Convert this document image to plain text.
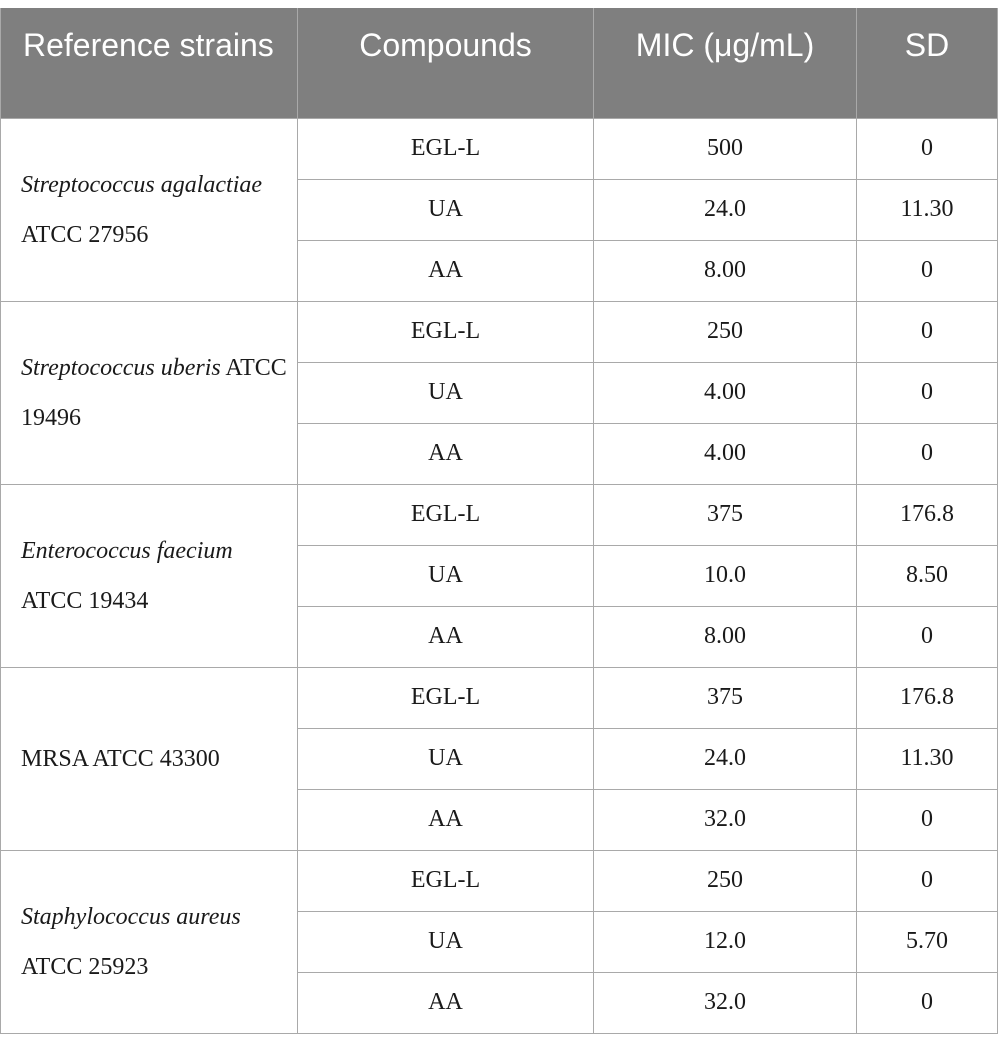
Reference strains	Compounds	MIC (μg/mL)	SD
Streptococcus agalactiae ATCC 27956	EGL-L	500	0
	UA	24.0	11.30
	AA	8.00	0
Streptococcus uberis ATCC 19496	EGL-L	250	0
	UA	4.00	0
	AA	4.00	0
Enterococcus faecium ATCC 19434	EGL-L	375	176.8
	UA	10.0	8.50
	AA	8.00	0
MRSA ATCC 43300	EGL-L	375	176.8
	UA	24.0	11.30
	AA	32.0	0
Staphylococcus aureus ATCC 25923	EGL-L	250	0
	UA	12.0	5.70
	AA	32.0	0
